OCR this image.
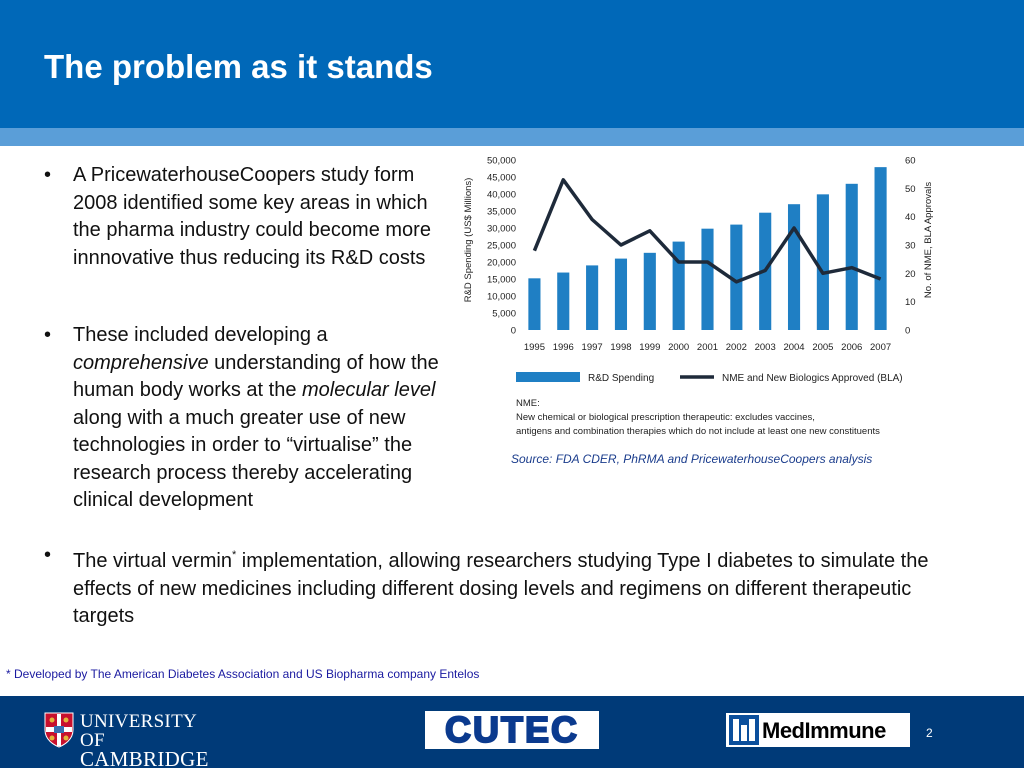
The problem as it stands
• A PricewaterhouseCoopers study form 2008 identified some key areas in which the pharma industry could become more innnovative thus reducing its R&D costs
• These included developing a comprehensive understanding of how the human body works at the molecular level along with a much greater use of new technologies in order to “virtualise” the research process thereby accelerating clinical development
• The virtual vermin* implementation, allowing researchers studying Type I diabetes to simulate the effects of new medicines including different dosing levels and regimens on different therapeutic targets
50,000
45,000
40,000
35,000
30,000
25,000
20,000
15,000
10,000
5,000
0
60
50
40
30
20
10
0
1995 1996 1997 1998 1999 2000 2001 2002 2003 2004 2005 2006 2007
R&D Spending (US$ Millions)	No. of NME, BLA Approvals
R&D Spending	NME and New Biologics Approved (BLA)
NME:
New chemical or biological prescription therapeutic: excludes vaccines,
antigens and combination therapies which do not include at least one new constituents
Source: FDA CDER, PhRMA and PricewaterhouseCoopers analysis
* Developed by The American Diabetes Association and US Biopharma company Entelos
UNIVERSITY OF
CAMBRIDGE
CUTEC	MedImmune	2
